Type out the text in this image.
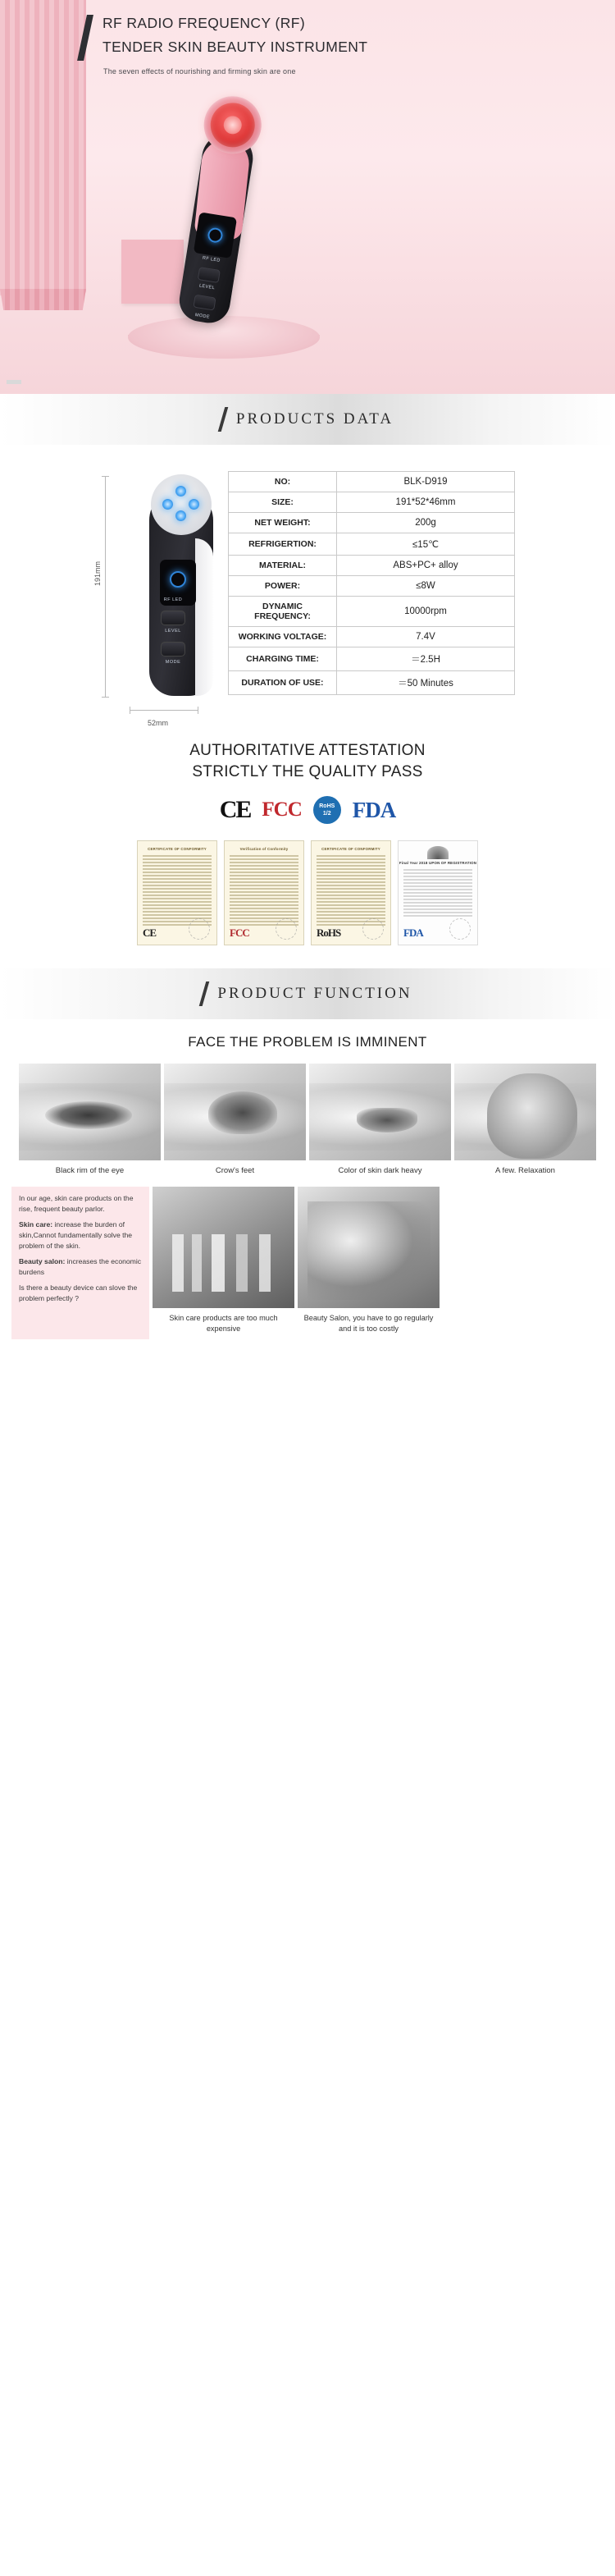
RF RADIO FREQUENCY (RF)
TENDER SKIN BEAUTY INSTRUMENT
The seven effects of nourishing and firming skin are one
RF LED
LEVEL
MODE
PRODUCTS DATA
191mm
RF LED
LEVEL
MODE
52mm
NO:	BLK-D919
SIZE:	191*52*46mm
NET WEIGHT:	200g
REFRIGERTION:	≤15℃
MATERIAL:	ABS+PC+ alloy
POWER:	≤8W
DYNAMIC FREQUENCY:	10000rpm
WORKING VOLTAGE:	7.4V
CHARGING TIME:	＝2.5H
DURATION OF USE:	＝50 Minutes
AUTHORITATIVE ATTESTATION
STRICTLY THE QUALITY PASS
CE FCC	RoHS
1/2 FDA
CERTIFICATE OF CONFORMITY
CE
Verification of Conformity
FCC
CERTIFICATE OF CONFORMITY
RoHS
Final Year 2018 UPON OF REGISTRATION
FDA
PRODUCT FUNCTION
FACE THE PROBLEM IS IMMINENT
Black rim of the eye	Crow's feet	Color of skin dark heavy	A few. Relaxation

In our age, skin care products on the rise, frequent beauty parlor.

Skin care: increase the burden of skin,Cannot fundamentally solve the problem of the skin.

Beauty salon: increases the economic burdens

Is there a beauty device can slove the problem perfectly ?

Skin care products are too much expensive
Beauty Salon, you have to go regularly and it is too costly
